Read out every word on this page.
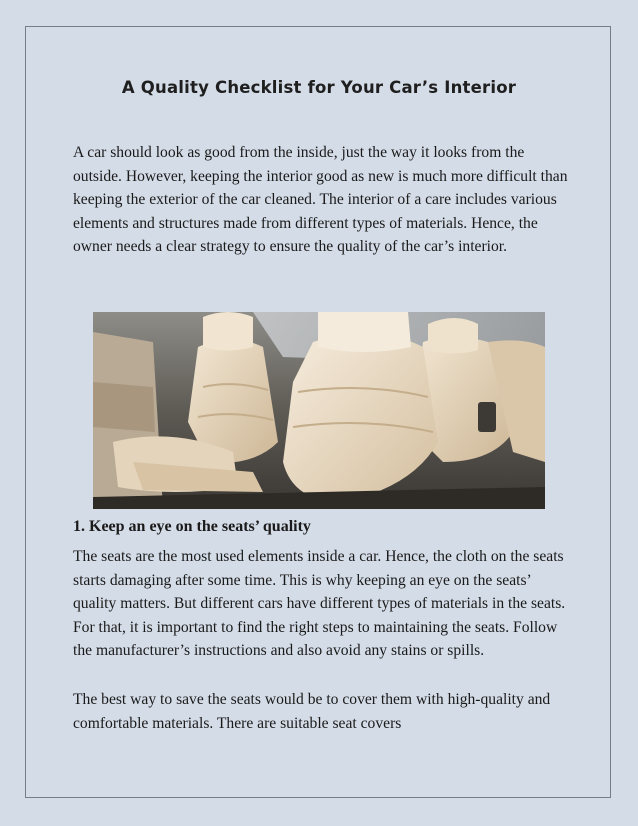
A Quality Checklist for Your Car’s Interior

A car should look as good from the inside, just the way it looks from the outside. However, keeping the interior good as new is much more difficult than keeping the exterior of the car cleaned. The interior of a care includes various elements and structures made from different types of materials. Hence, the owner needs a clear strategy to ensure the quality of the car’s interior.

1. Keep an eye on the seats’ quality

The seats are the most used elements inside a car. Hence, the cloth on the seats starts damaging after some time. This is why keeping an eye on the seats’ quality matters. But different cars have different types of materials in the seats. For that, it is important to find the right steps to maintaining the seats. Follow the manufacturer’s instructions and also avoid any stains or spills.

The best way to save the seats would be to cover them with high-quality and comfortable materials. There are suitable seat covers
